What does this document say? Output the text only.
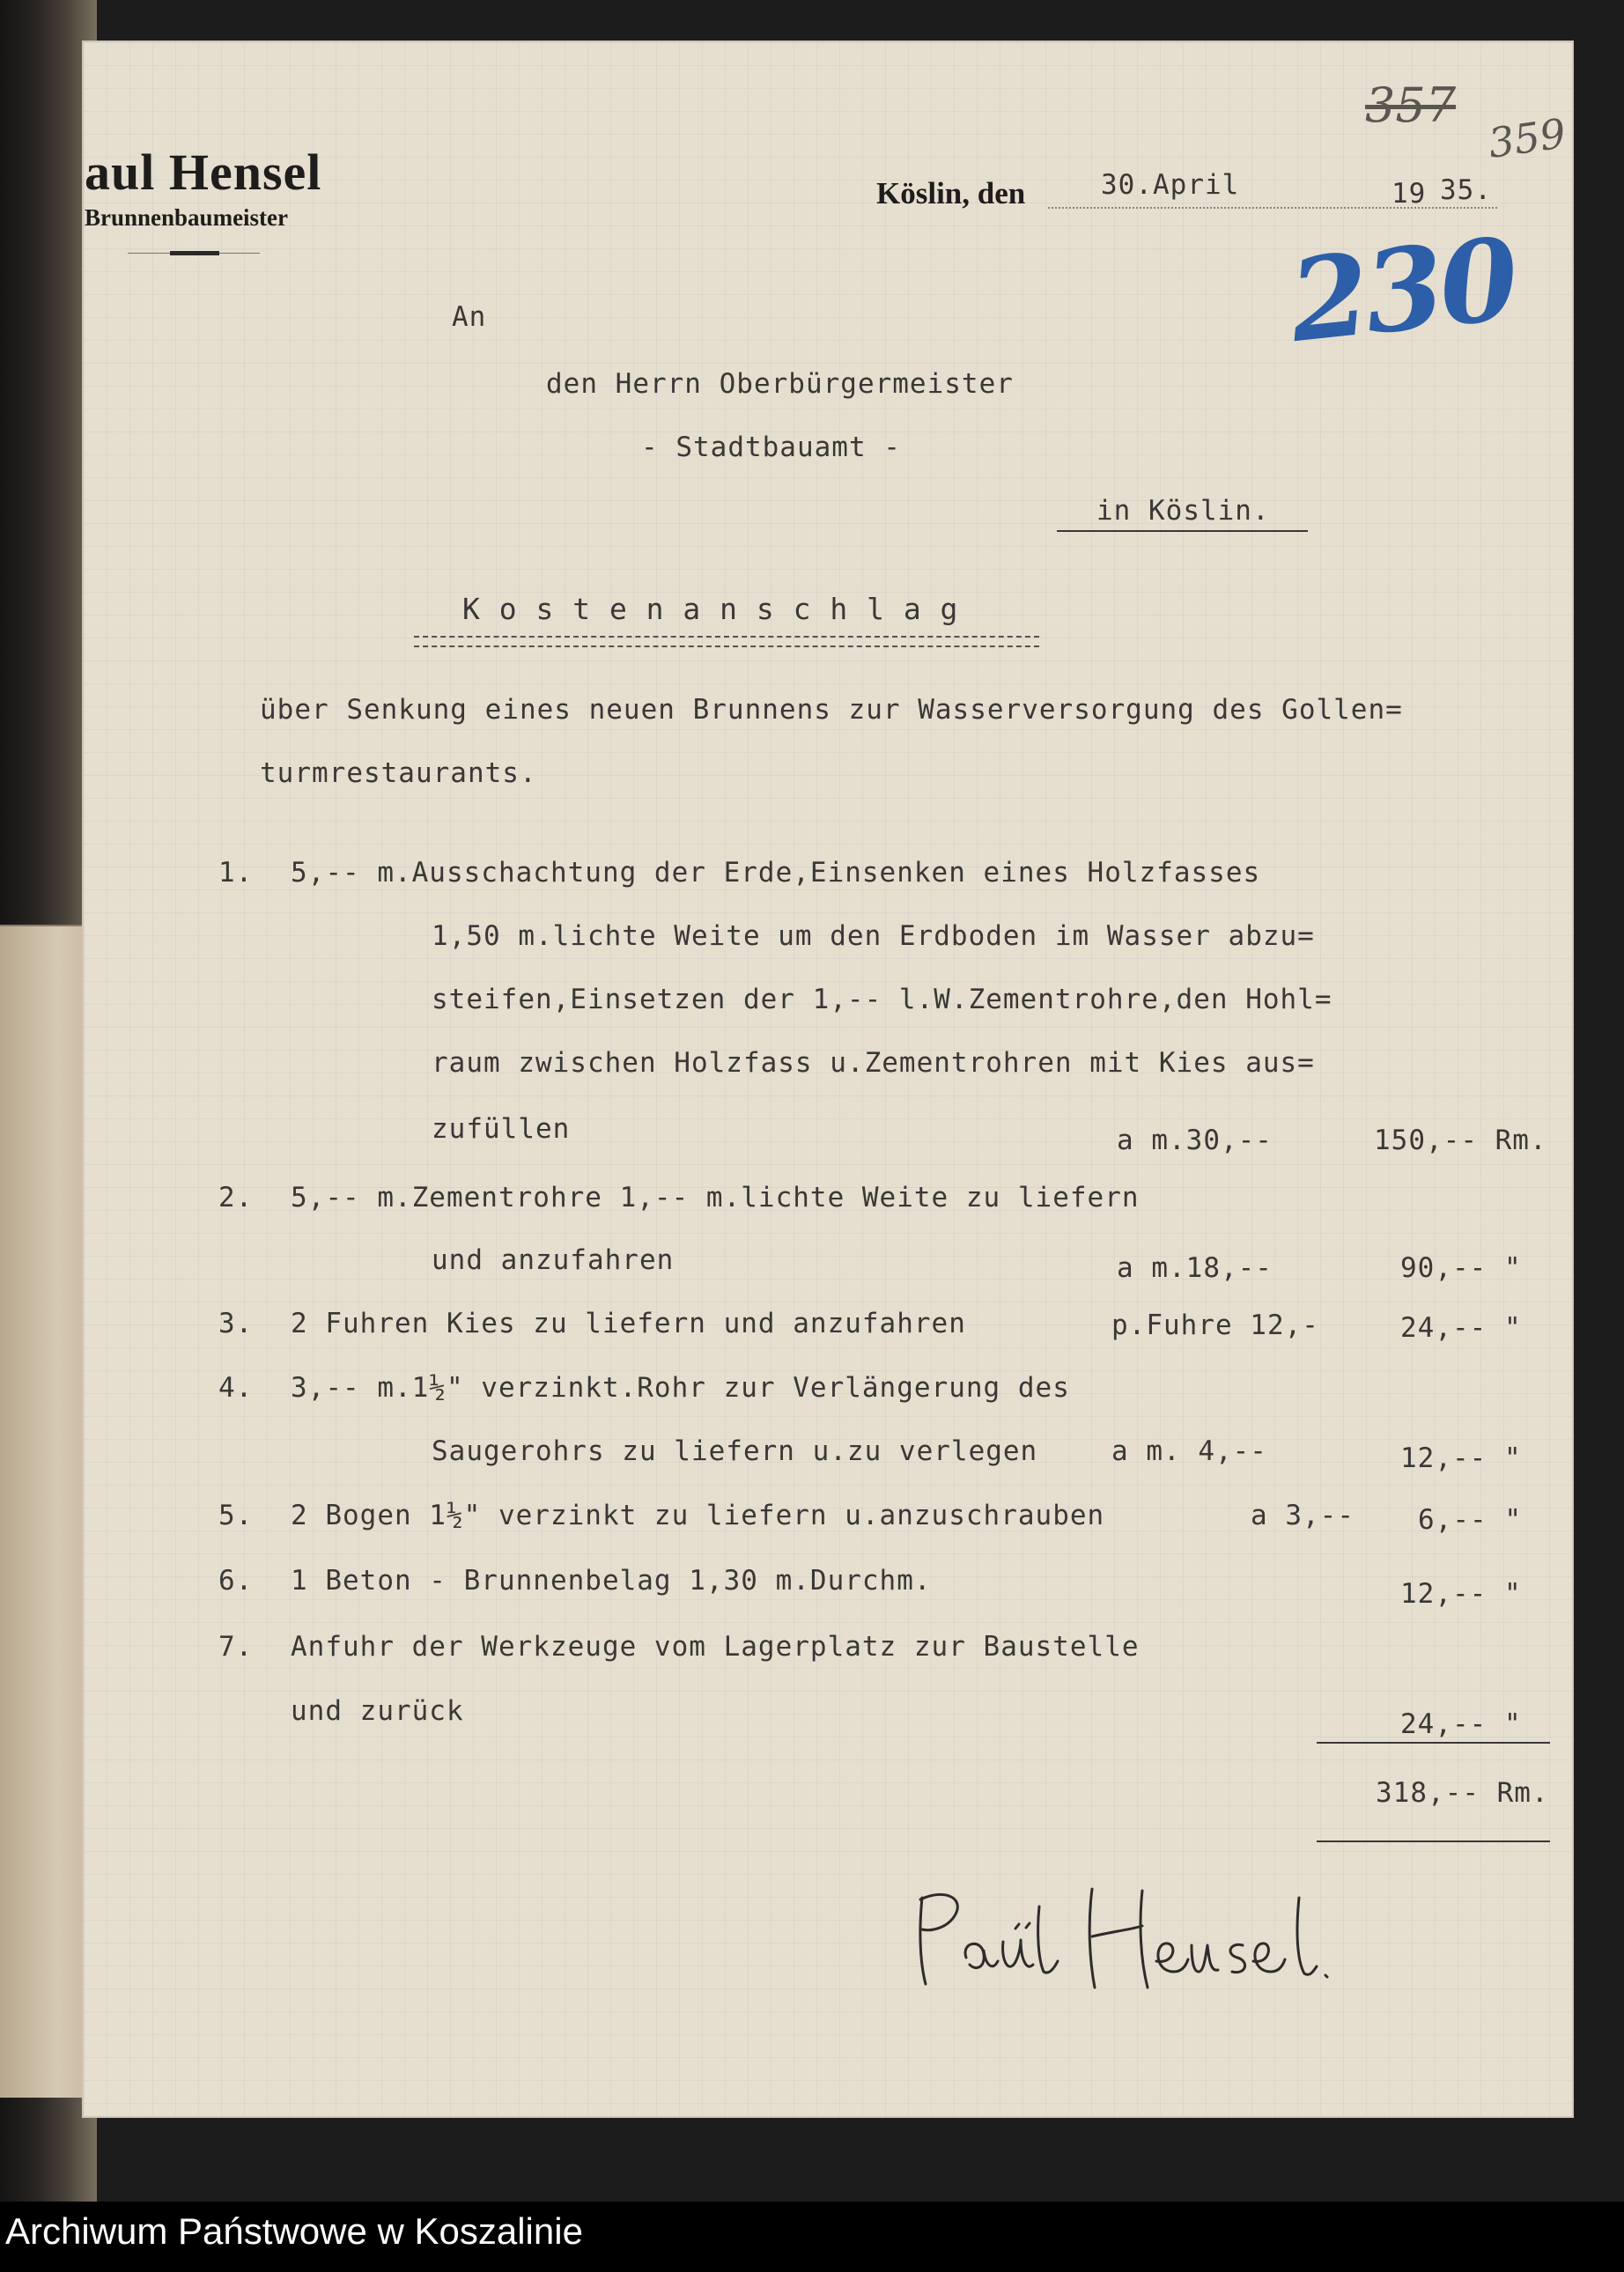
aul Hensel
Brunnenbaumeister
Köslin, den	30.April	19 35.
357
359
230
An
den Herrn Oberbürgermeister
- Stadtbauamt -
in Köslin.
K o s t e n a n s c h l a g
über Senkung eines neuen Brunnens zur Wasserversorgung des Gollen=
turmrestaurants.
1. 5,-- m.Ausschachtung der Erde,Einsenken eines Holzfasses
1,50 m.lichte Weite um den Erdboden im Wasser abzu=
steifen,Einsetzen der 1,-- l.W.Zementrohre,den Hohl=
raum zwischen Holzfass u.Zementrohren mit Kies aus=
zufüllen	a m.30,--	150,-- Rm.
2. 5,-- m.Zementrohre 1,-- m.lichte Weite zu liefern
und anzufahren	a m.18,--	90,-- "
3. 2 Fuhren Kies zu liefern und anzufahren	p.Fuhre 12,-	24,-- "
4. 3,-- m.1½" verzinkt.Rohr zur Verlängerung des
Saugerohrs zu liefern u.zu verlegen	a m. 4,--	12,-- "
5. 2 Bogen 1½" verzinkt zu liefern u.anzuschrauben	a 3,-- 6,-- "
6. 1 Beton - Brunnenbelag 1,30 m.Durchm.	12,-- "
7. Anfuhr der Werkzeuge vom Lagerplatz zur Baustelle
und zurück	24,-- "
318,-- Rm.
Archiwum Państwowe w Koszalinie
